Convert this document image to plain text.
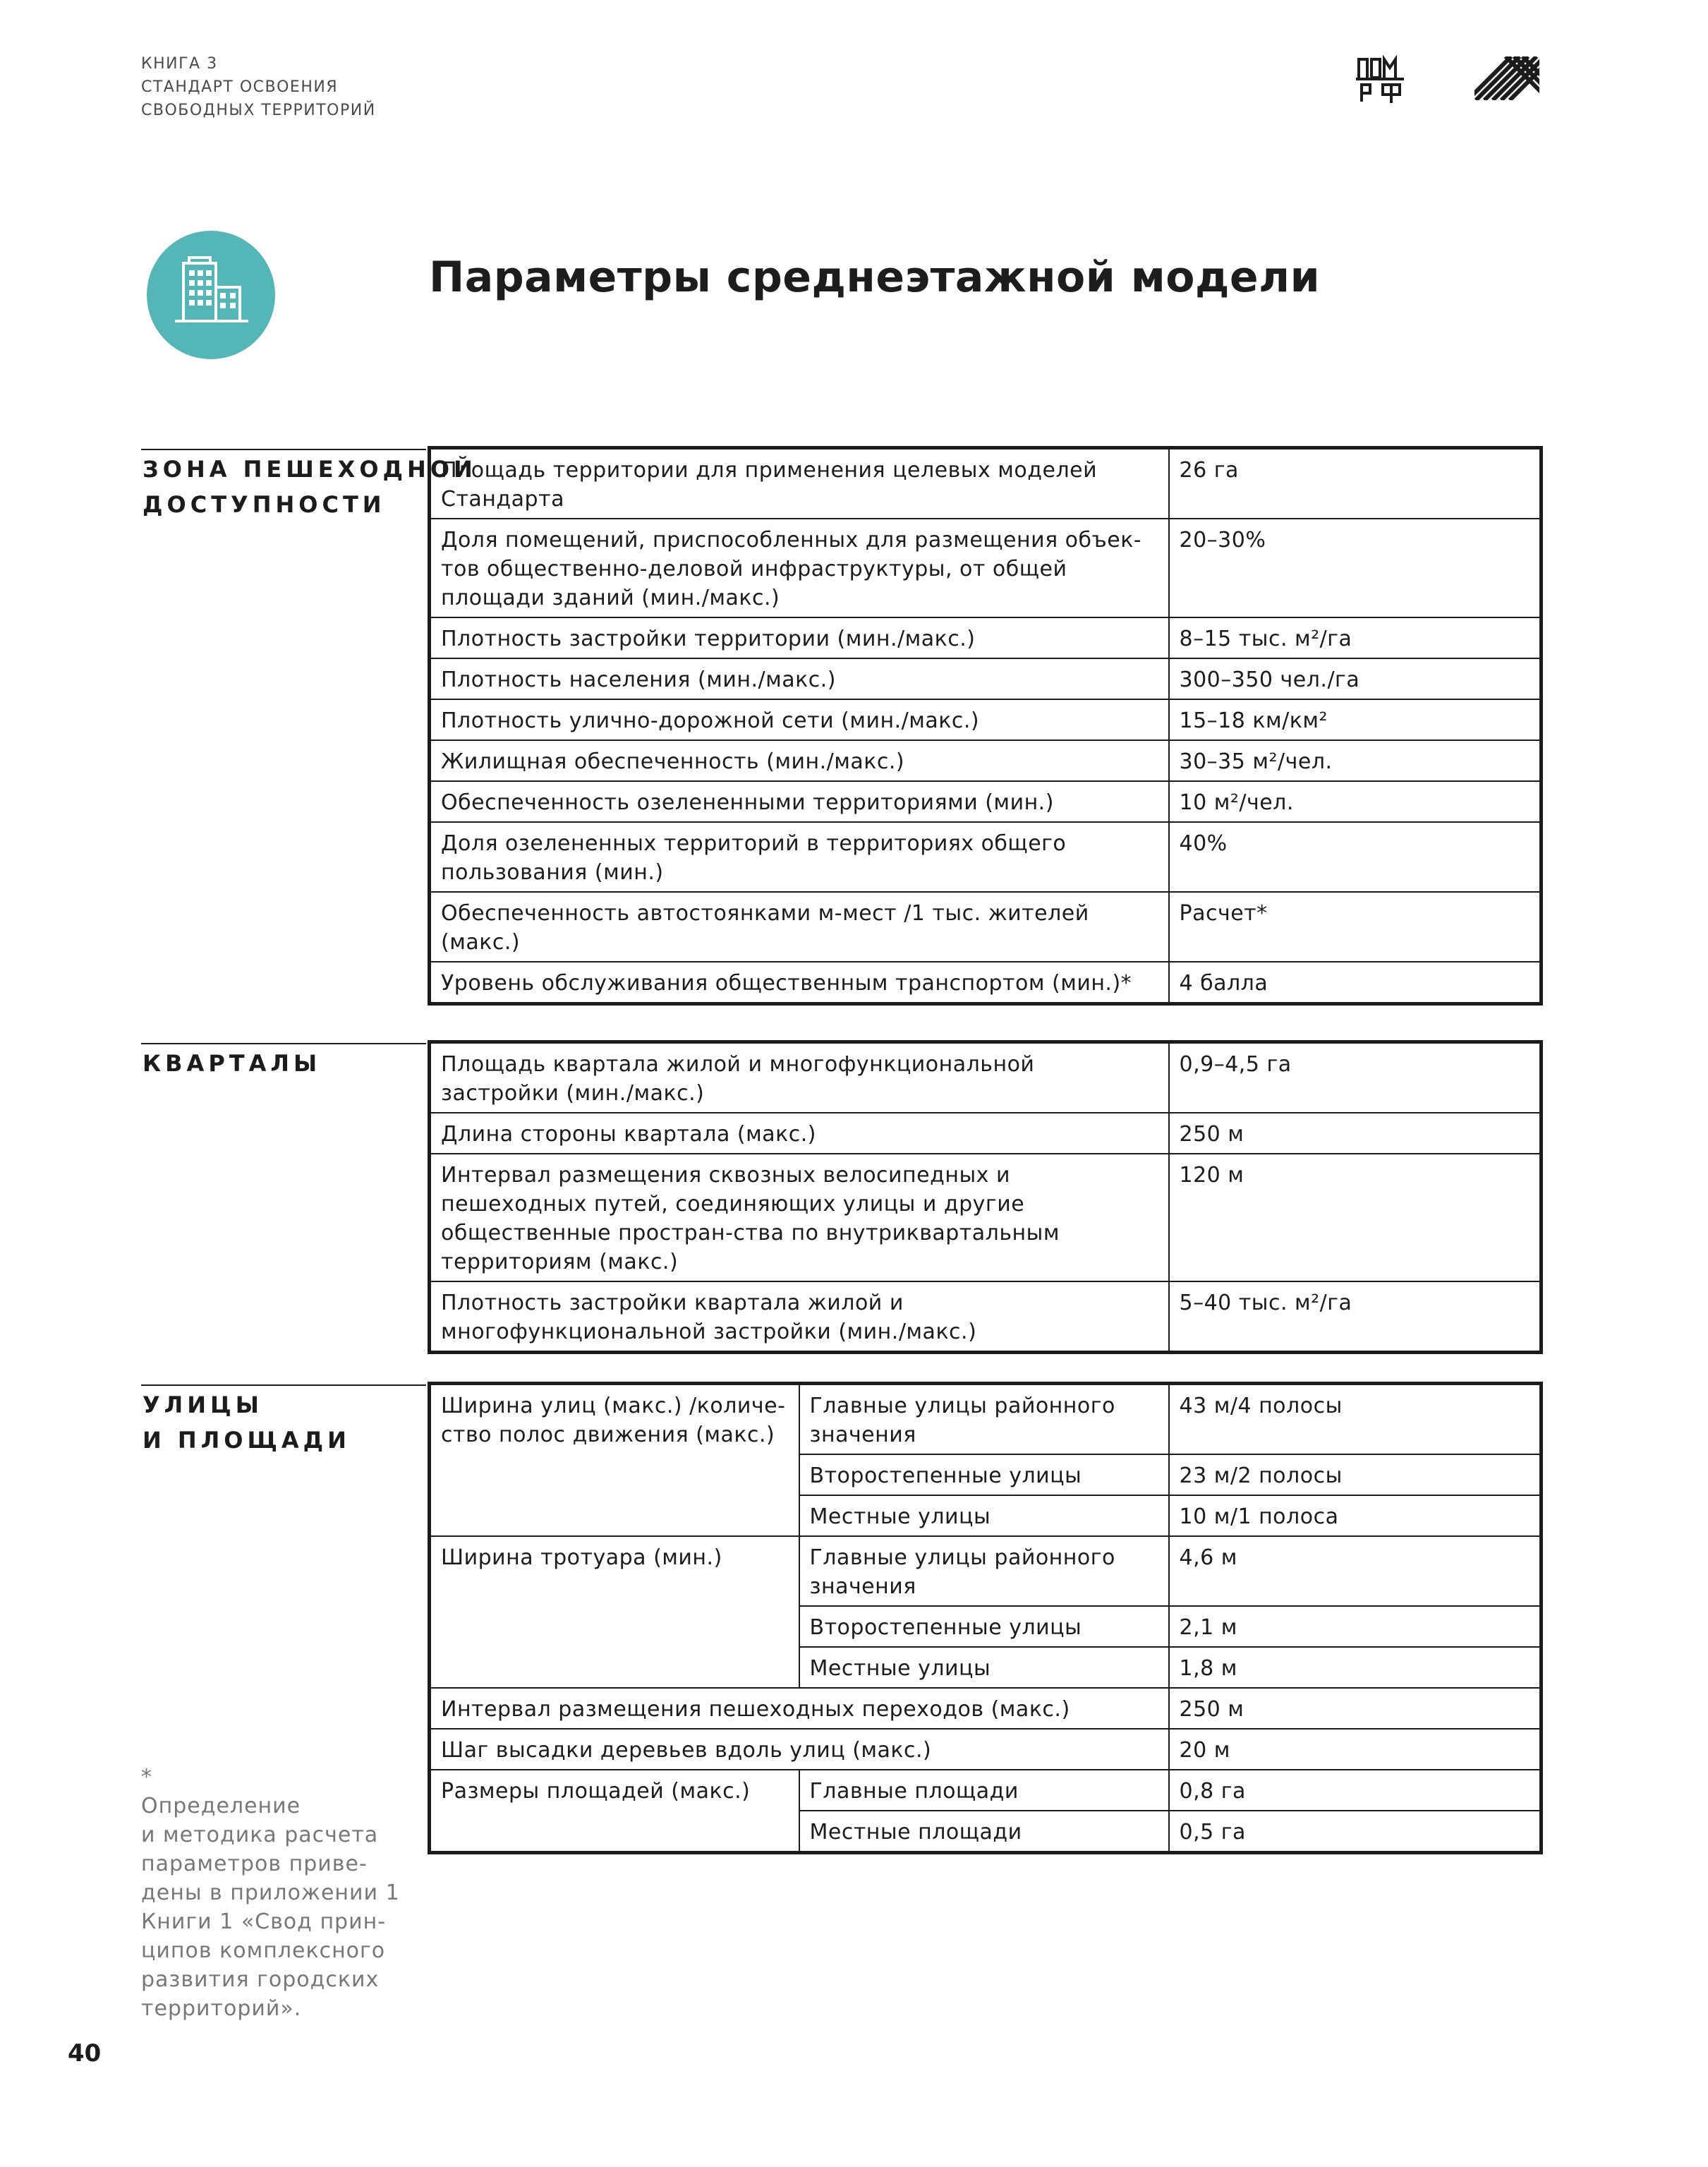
КНИГА 3
СТАНДАРТ ОСВОЕНИЯ
СВОБОДНЫХ ТЕРРИТОРИЙ
Параметры среднеэтажной модели
ЗОНА ПЕШЕХОДНОЙ
ДОСТУПНОСТИ
Площадь территории для применения целевых моделей Стандарта	26 га
Доля помещений, приспособленных для размещения объек-тов общественно-деловой инфраструктуры, от общей площади зданий (мин./макс.)	20–30%
Плотность застройки территории (мин./макс.)	8–15 тыс. м²/га
Плотность населения (мин./макс.)	300–350 чел./га
Плотность улично-дорожной сети (мин./макс.)	15–18 км/км²
Жилищная обеспеченность (мин./макс.)	30–35 м²/чел.
Обеспеченность озелененными территориями (мин.)	10 м²/чел.
Доля озелененных территорий в территориях общего пользования (мин.)	40%
Обеспеченность автостоянками м-мест /1 тыс. жителей (макс.)	Расчет*
Уровень обслуживания общественным транспортом (мин.)*	4 балла
КВАРТАЛЫ	Площадь квартала жилой и многофункциональной застройки (мин./макс.)	0,9–4,5 га
Длина стороны квартала (макс.)	250 м
Интервал размещения сквозных велосипедных и пешеходных путей, соединяющих улицы и другие общественные простран-ства по внутриквартальным территориям (макс.)	120 м
Плотность застройки квартала жилой и многофункциональной застройки (мин./макс.)	5–40 тыс. м²/га
УЛИЦЫ
И ПЛОЩАДИ
Ширина улиц (макс.) /количе-ство полос движения (макс.)	Главные улицы районного значения	43 м/4 полосы
	Второстепенные улицы	23 м/2 полосы
	Местные улицы	10 м/1 полоса
Ширина тротуара (мин.)	Главные улицы районного значения	4,6 м
	Второстепенные улицы	2,1 м
	Местные улицы	1,8 м
Интервал размещения пешеходных переходов (макс.)		250 м
Шаг высадки деревьев вдоль улиц (макс.)		20 м
Размеры площадей (макс.)	Главные площади	0,8 га
	Местные площади	0,5 га
*
Определение
и методика расчета
параметров приве-
дены в приложении 1
Книги 1 «Свод прин-
ципов комплексного
развития городских
территорий».
40
